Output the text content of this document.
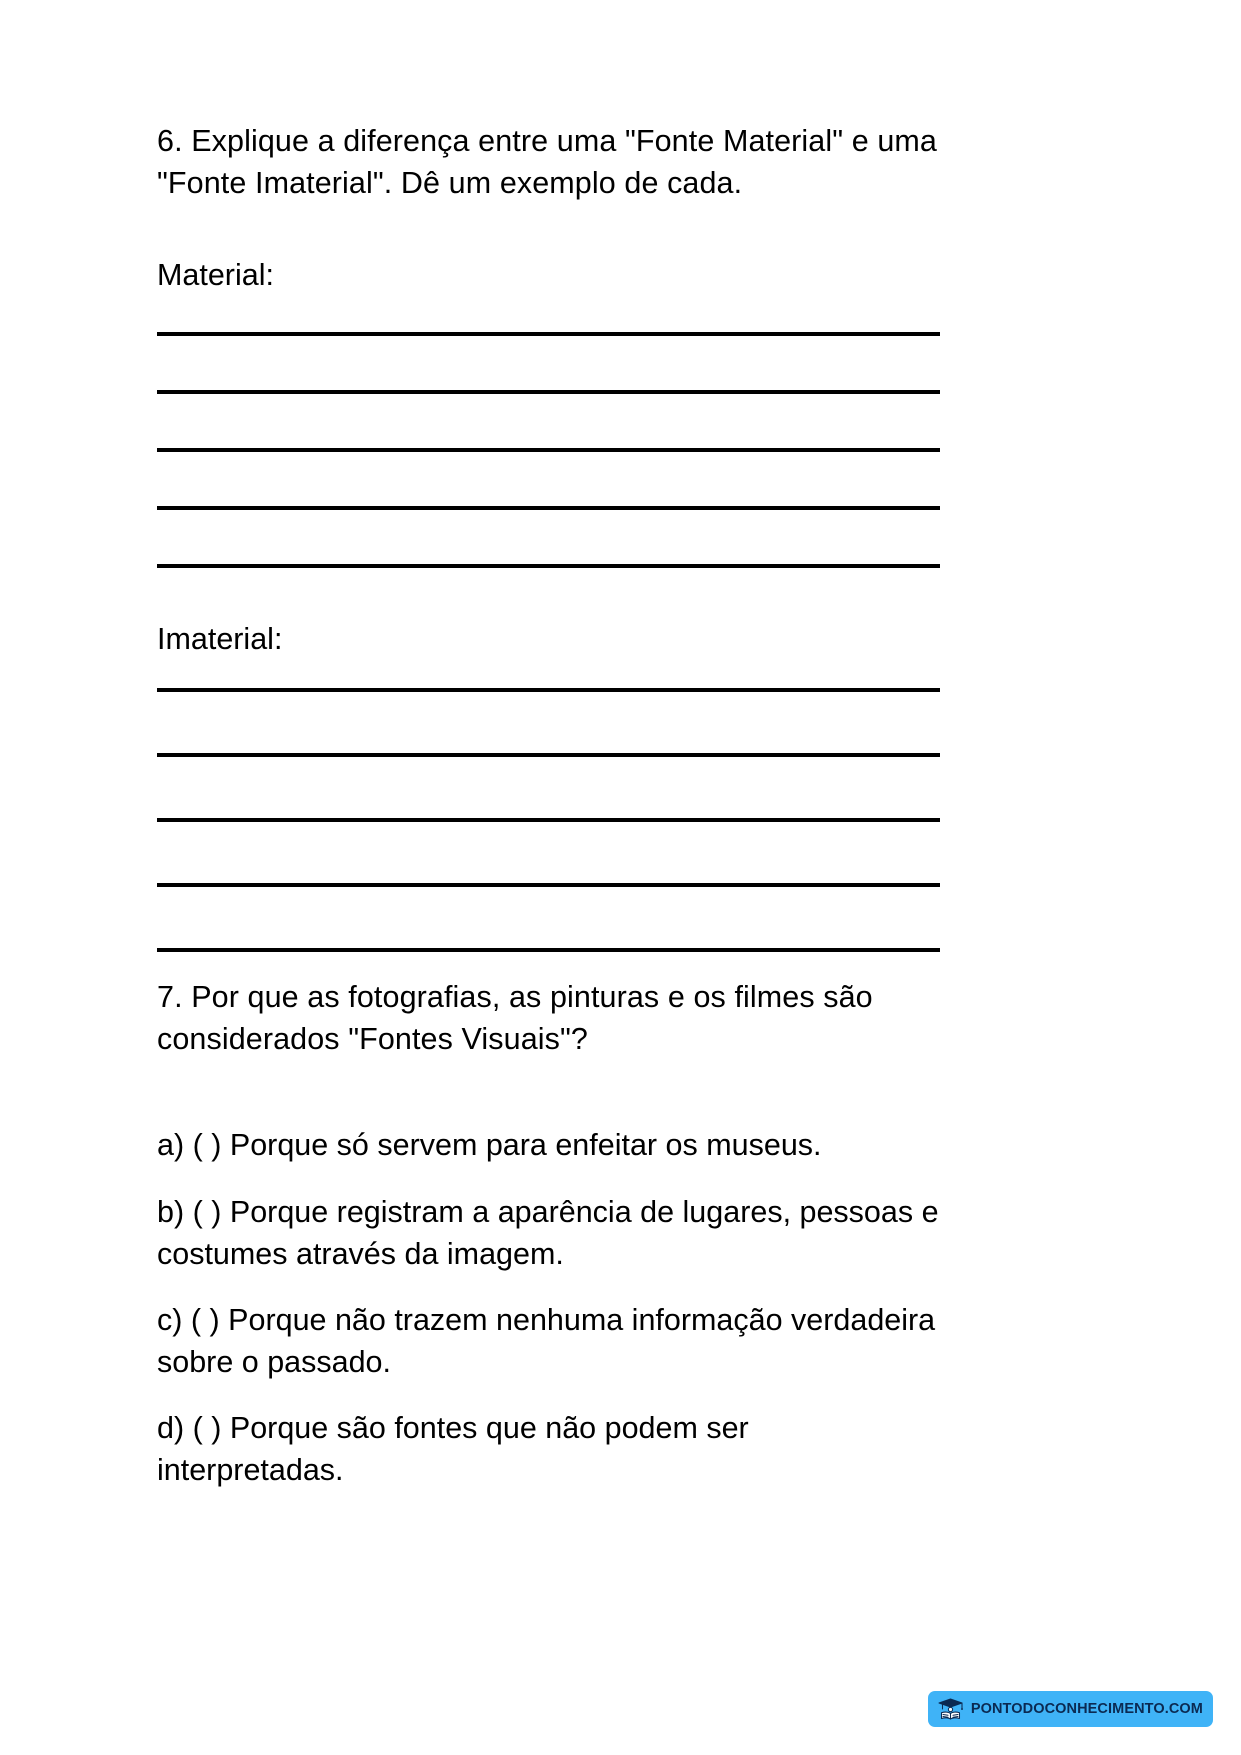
6. Explique a diferença entre uma "Fonte Material" e uma "Fonte Imaterial". Dê um exemplo de cada.

Material:

Imaterial:

7. Por que as fotografias, as pinturas e os filmes são considerados "Fontes Visuais"?

a) ( ) Porque só servem para enfeitar os museus.

b) ( ) Porque registram a aparência de lugares, pessoas e costumes através da imagem.

c) ( ) Porque não trazem nenhuma informação verdadeira sobre o passado.

d) ( ) Porque são fontes que não podem ser interpretadas.

PONTODOCONHECIMENTO.COM
